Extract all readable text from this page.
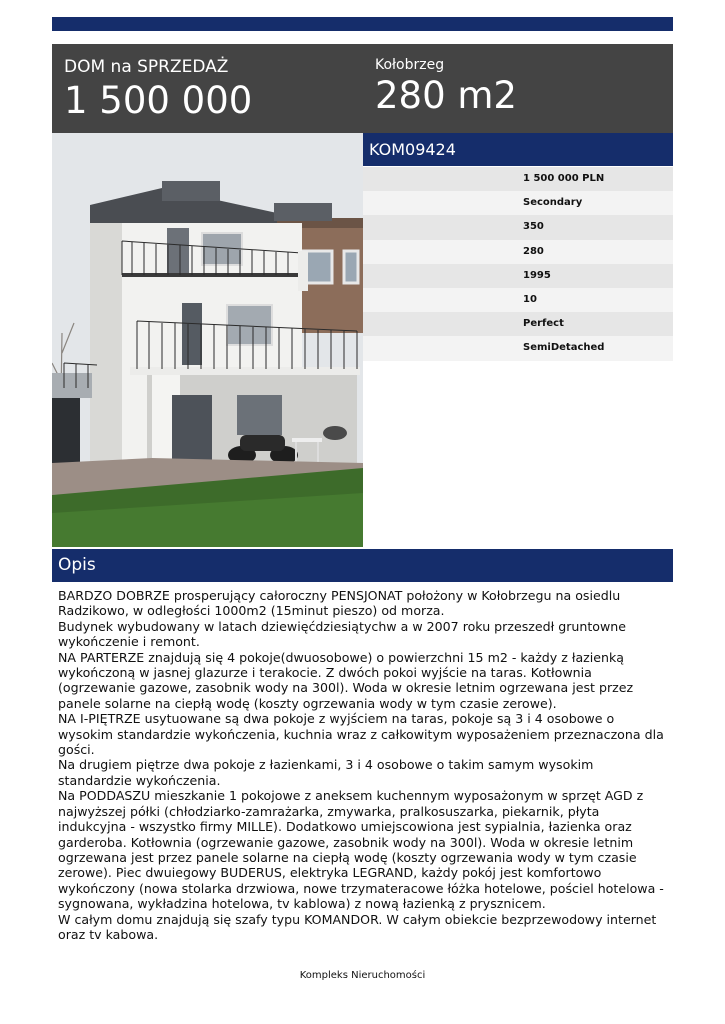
DOM na SPRZEDAŻ
1 500 000
Kołobrzeg
280 m2
KOM09424
1 500 000 PLN
Secondary
350
280
1995
10
Perfect
SemiDetached
Opis

BARDZO DOBRZE prosperujący całoroczny PENSJONAT położony w Kołobrzegu na osiedlu Radzikowo, w odległości 1000m2 (15minut pieszo) od morza.

Budynek wybudowany w latach dziewięćdziesiątychw a w 2007 roku przeszedł gruntowne wykończenie i remont.

NA PARTERZE znajdują się 4 pokoje(dwuosobowe) o powierzchni 15 m2 - każdy z łazienką wykończoną w jasnej glazurze i terakocie. Z dwóch pokoi wyjście na taras. Kotłownia (ogrzewanie gazowe, zasobnik wody na 300l). Woda w okresie letnim ogrzewana jest przez panele solarne na ciepłą wodę (koszty ogrzewania wody w tym czasie zerowe).

NA I-PIĘTRZE usytuowane są dwa pokoje z wyjściem na taras, pokoje są 3 i 4 osobowe o wysokim standardzie wykończenia, kuchnia wraz z całkowitym wyposażeniem przeznaczona dla gości.

Na drugiem piętrze dwa pokoje z łazienkami, 3 i 4 osobowe o takim samym wysokim standardzie wykończenia.

Na PODDASZU mieszkanie 1 pokojowe z aneksem kuchennym wyposażonym w sprzęt AGD z najwyższej półki (chłodziarko-zamrażarka, zmywarka, pralkosuszarka, piekarnik, płyta indukcyjna - wszystko firmy MILLE). Dodatkowo umiejscowiona jest sypialnia, łazienka oraz garderoba. Kotłownia (ogrzewanie gazowe, zasobnik wody na 300l). Woda w okresie letnim ogrzewana jest przez panele solarne na ciepłą wodę (koszty ogrzewania wody w tym czasie zerowe). Piec dwuiegowy BUDERUS, elektryka LEGRAND, każdy pokój jest komfortowo wykończony (nowa stolarka drzwiowa, nowe trzymateracowe łóżka hotelowe, pościel hotelowa - sygnowana, wykładzina hotelowa, tv kablowa) z nową łazienką z prysznicem.

W całym domu znajdują się szafy typu KOMANDOR. W całym obiekcie bezprzewodowy internet oraz tv kabowa.

Kompleks Nieruchomości
